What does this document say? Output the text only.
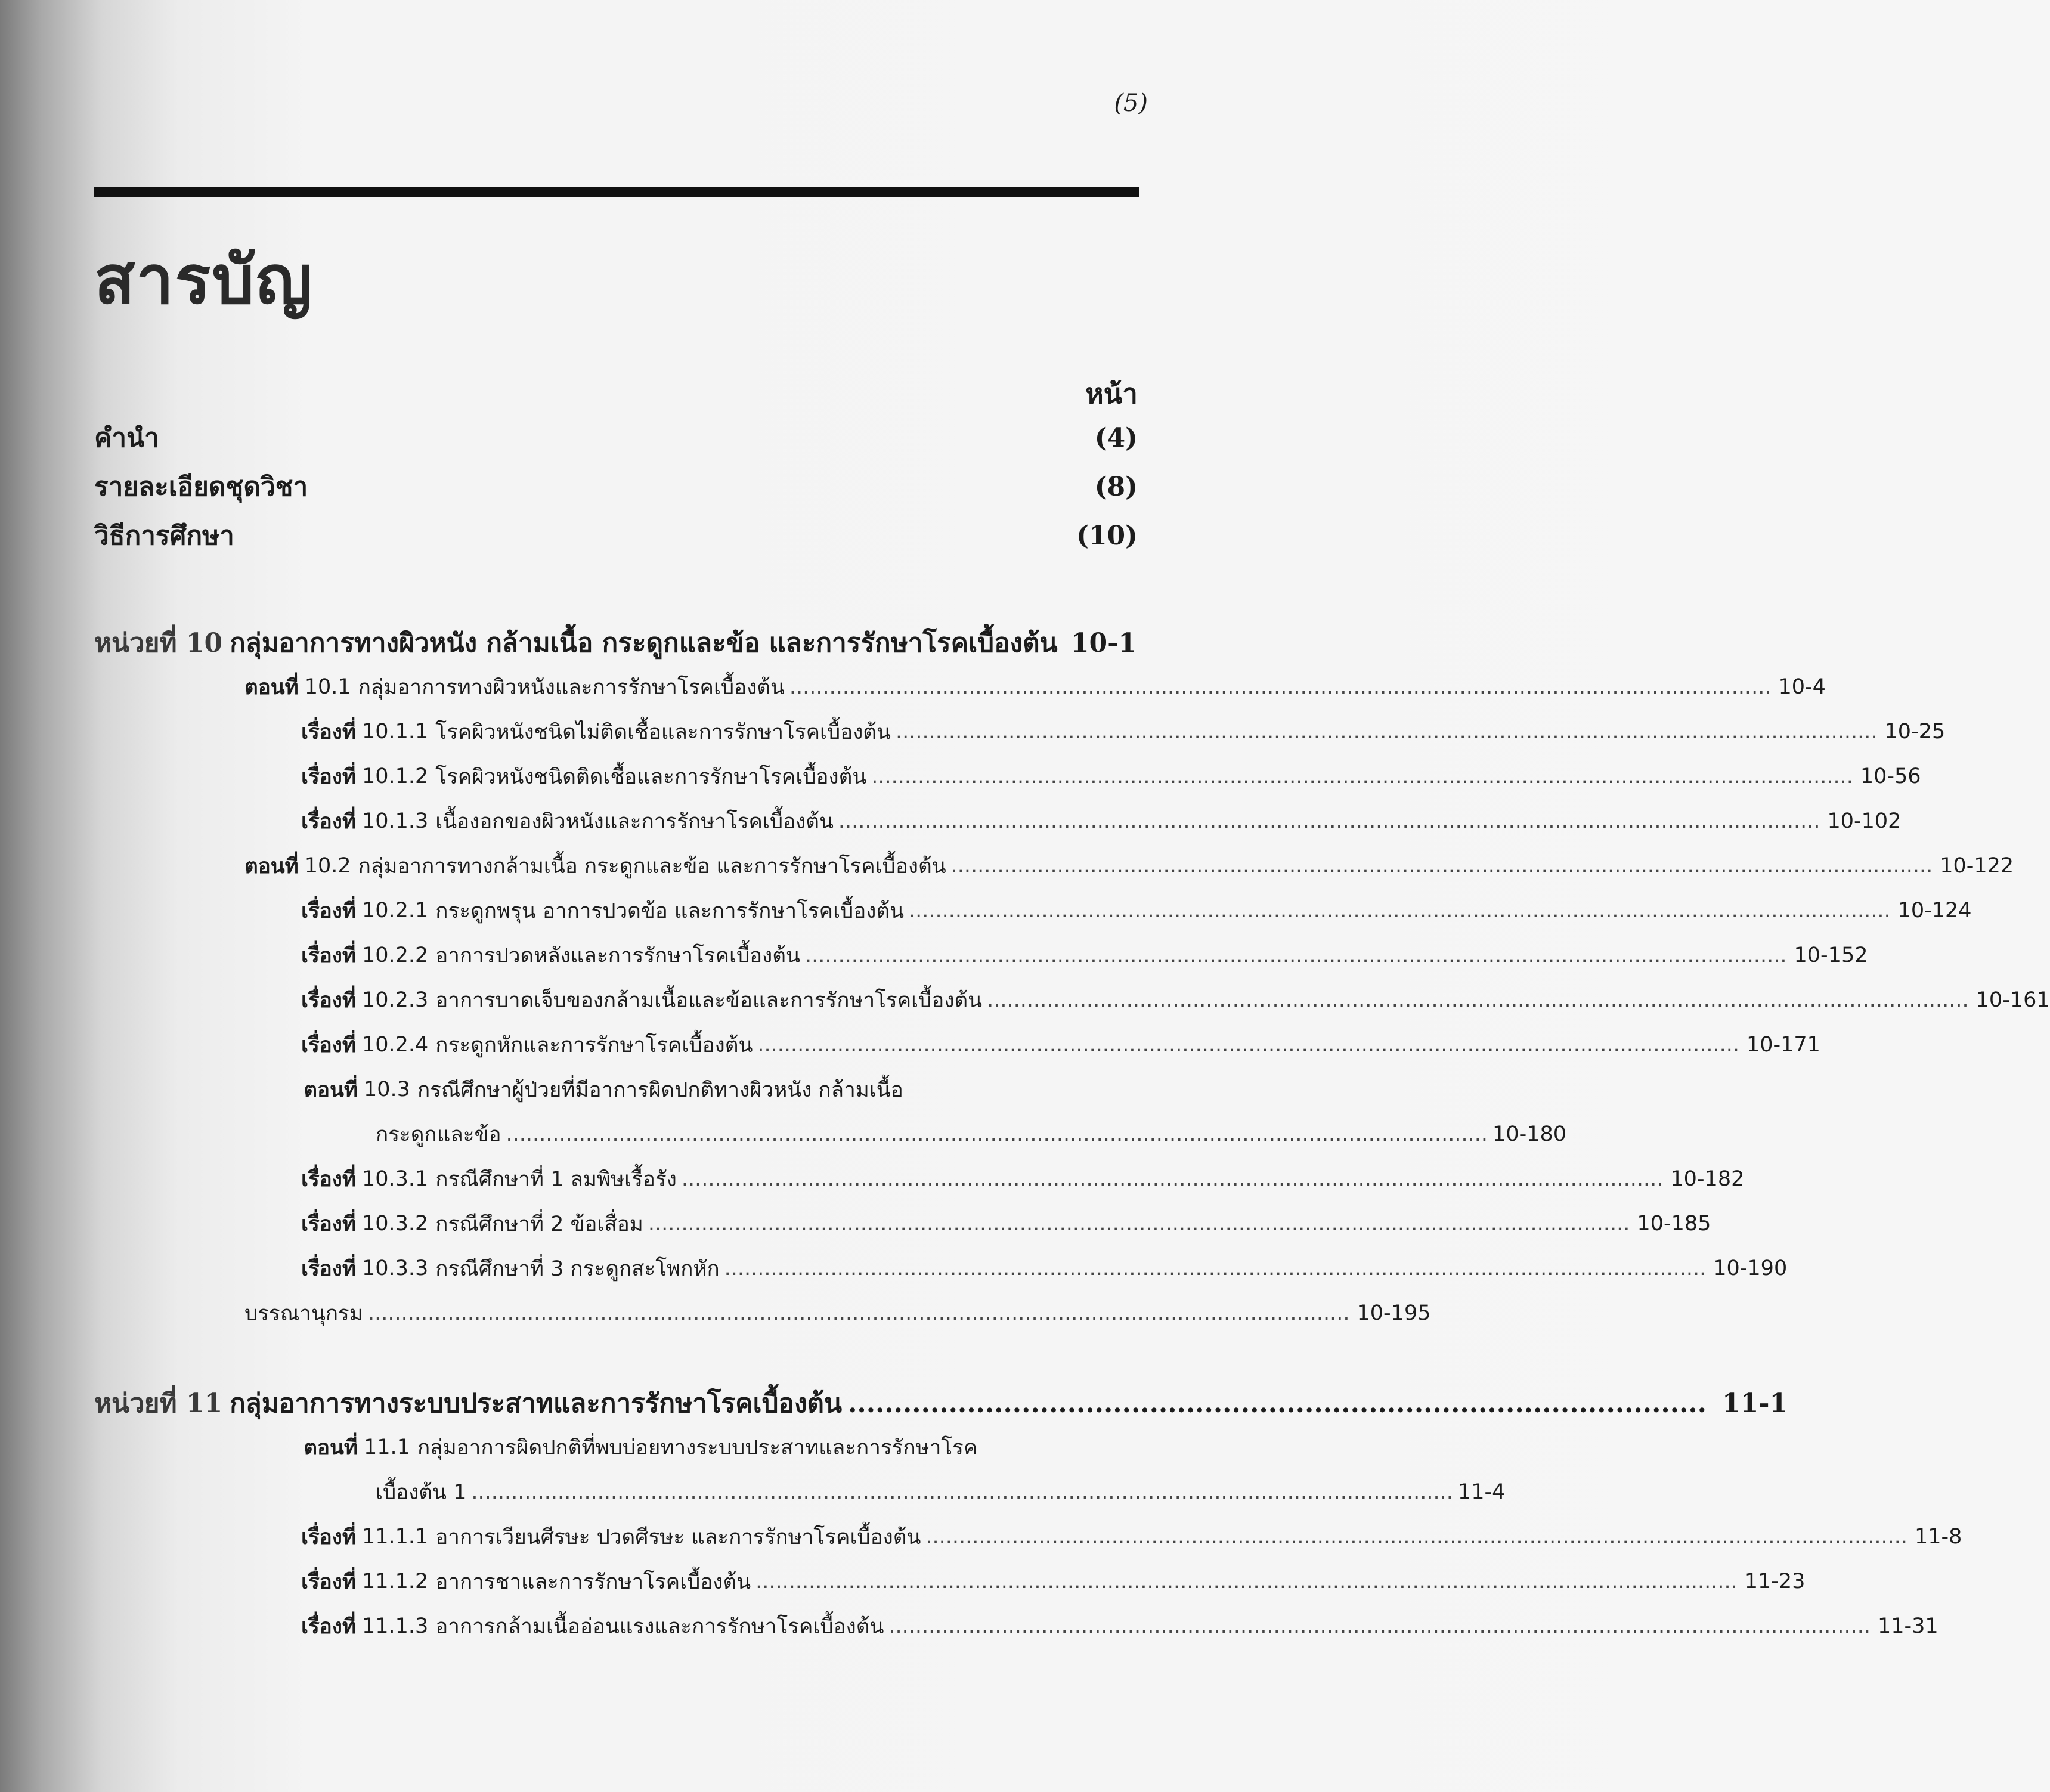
(5)
สารบัญ
หน้า
คำนำ	(4)
รายละเอียดชุดวิชา	(8)
วิธีการศึกษา	(10)
หน่วยที่ 10 กลุ่มอาการทางผิวหนัง กล้ามเนื้อ กระดูกและข้อ และการรักษาโรคเบื้องต้น 10-1
ตอนที่ 10.1 กลุ่มอาการทางผิวหนังและการรักษาโรคเบื้องต้น .................................................................................................................................................... 10-4
เรื่องที่ 10.1.1 โรคผิวหนังชนิดไม่ติดเชื้อและการรักษาโรคเบื้องต้น .................................................................................................................................................... 10-25
เรื่องที่ 10.1.2 โรคผิวหนังชนิดติดเชื้อและการรักษาโรคเบื้องต้น .................................................................................................................................................... 10-56
เรื่องที่ 10.1.3 เนื้องอกของผิวหนังและการรักษาโรคเบื้องต้น .................................................................................................................................................... 10-102
ตอนที่ 10.2 กลุ่มอาการทางกล้ามเนื้อ กระดูกและข้อ และการรักษาโรคเบื้องต้น .................................................................................................................................................... 10-122
เรื่องที่ 10.2.1 กระดูกพรุน อาการปวดข้อ และการรักษาโรคเบื้องต้น .................................................................................................................................................... 10-124
เรื่องที่ 10.2.2 อาการปวดหลังและการรักษาโรคเบื้องต้น .................................................................................................................................................... 10-152
เรื่องที่ 10.2.3 อาการบาดเจ็บของกล้ามเนื้อและข้อและการรักษาโรคเบื้องต้น .................................................................................................................................................... 10-161
เรื่องที่ 10.2.4 กระดูกหักและการรักษาโรคเบื้องต้น .................................................................................................................................................... 10-171
ตอนที่ 10.3 กรณีศึกษาผู้ป่วยที่มีอาการผิดปกติทางผิวหนัง กล้ามเนื้อ
กระดูกและข้อ .................................................................................................................................................... 10-180
เรื่องที่ 10.3.1 กรณีศึกษาที่ 1 ลมพิษเรื้อรัง .................................................................................................................................................... 10-182
เรื่องที่ 10.3.2 กรณีศึกษาที่ 2 ข้อเสื่อม .................................................................................................................................................... 10-185
เรื่องที่ 10.3.3 กรณีศึกษาที่ 3 กระดูกสะโพกหัก .................................................................................................................................................... 10-190
บรรณานุกรม .................................................................................................................................................... 10-195
หน่วยที่ 11 กลุ่มอาการทางระบบประสาทและการรักษาโรคเบื้องต้น .............................................................................................. 11-1
ตอนที่ 11.1 กลุ่มอาการผิดปกติที่พบบ่อยทางระบบประสาทและการรักษาโรค
เบื้องต้น 1 .................................................................................................................................................... 11-4
เรื่องที่ 11.1.1 อาการเวียนศีรษะ ปวดศีรษะ และการรักษาโรคเบื้องต้น .................................................................................................................................................... 11-8
เรื่องที่ 11.1.2 อาการชาและการรักษาโรคเบื้องต้น .................................................................................................................................................... 11-23
เรื่องที่ 11.1.3 อาการกล้ามเนื้ออ่อนแรงและการรักษาโรคเบื้องต้น .................................................................................................................................................... 11-31
